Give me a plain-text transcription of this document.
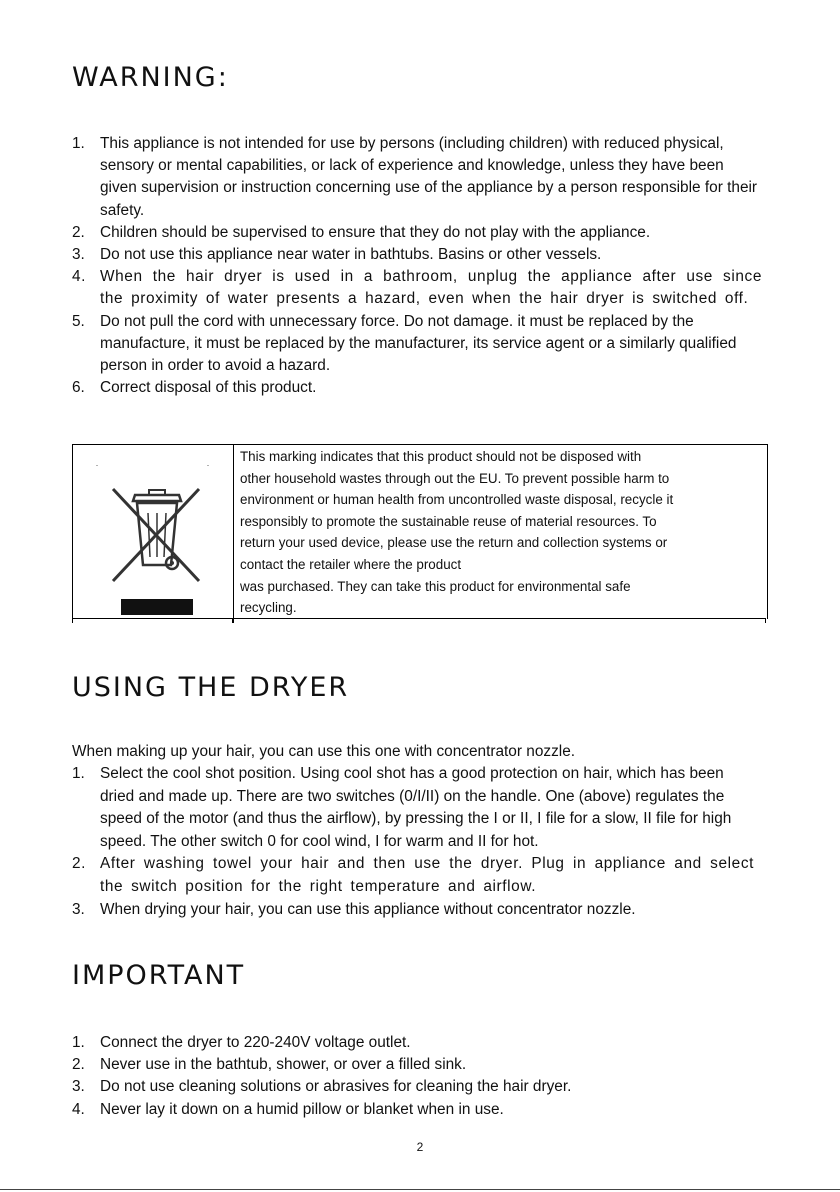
WARNING:
1. This appliance is not intended for use by persons (including children) with reduced physical, sensory or mental capabilities, or lack of experience and knowledge, unless they have been given supervision or instruction concerning use of the appliance by a person responsible for their safety.
2. Children should be supervised to ensure that they do not play with the appliance.
3. Do not use this appliance near water in bathtubs. Basins or other vessels.
4. When the hair dryer is used in a bathroom, unplug the appliance after use since the proximity of water presents a hazard, even when the hair dryer is switched off.
5. Do not pull the cord with unnecessary force. Do not damage. it must be replaced by the manufacture, it must be replaced by the manufacturer, its service agent or a similarly qualified person in order to avoid a hazard.
6. Correct disposal of this product.

This marking indicates that this product should not be disposed with

other household wastes through out the EU. To prevent possible harm to

environment or human health from uncontrolled waste disposal, recycle it

responsibly to promote the sustainable reuse of material resources. To

return your used device, please use the return and collection systems or

contact the retailer where the product

was purchased. They can take this product for environmental safe

recycling.

USING THE DRYER

When making up your hair, you can use this one with concentrator nozzle.

1. Select the cool shot position. Using cool shot has a good protection on hair, which has been dried and made up. There are two switches (0/I/II) on the handle. One (above) regulates the speed of the motor (and thus the airflow), by pressing the I or II, I file for a slow, II file for high speed. The other switch 0 for cool wind, I for warm and II for hot.
2. After washing towel your hair and then use the dryer. Plug in appliance and select the switch position for the right temperature and airflow.
3. When drying your hair, you can use this appliance without concentrator nozzle.
IMPORTANT
1. Connect the dryer to 220-240V voltage outlet.
2. Never use in the bathtub, shower, or over a filled sink.
3. Do not use cleaning solutions or abrasives for cleaning the hair dryer.
4. Never lay it down on a humid pillow or blanket when in use.
2
